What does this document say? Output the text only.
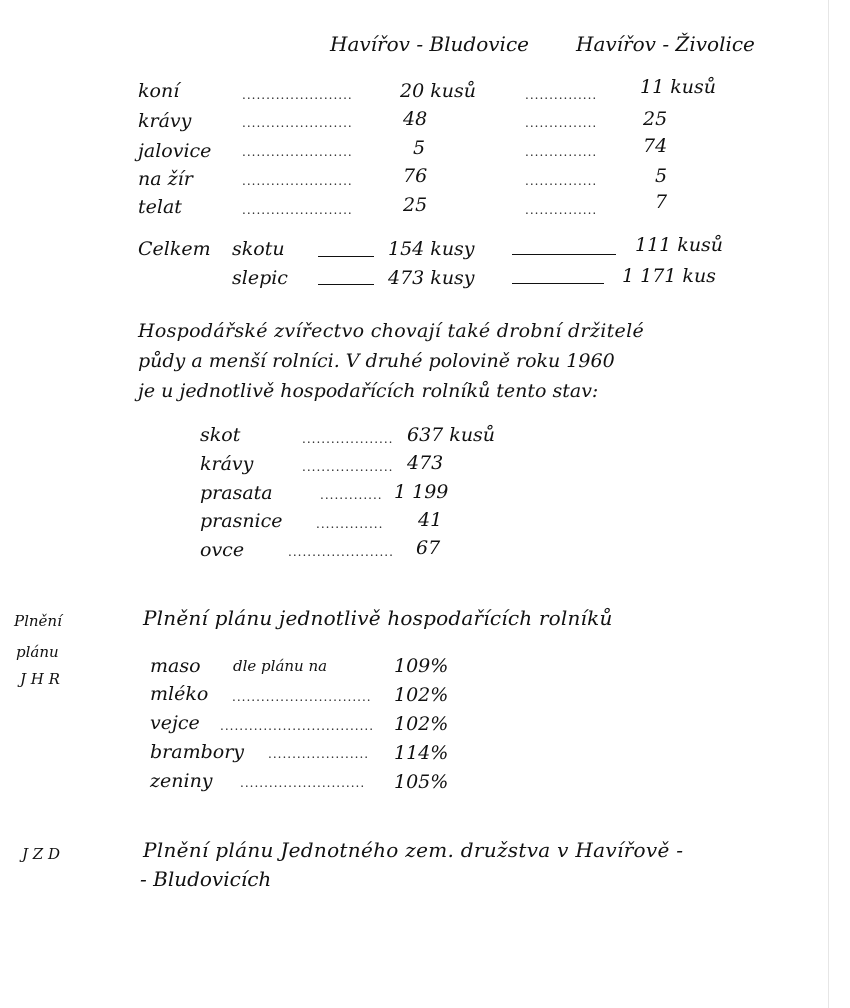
Havířov - Bludovice Havířov - Živolice
koní	....................... 20 kusů	............... 11 kusů
krávy	.......................	48	............... 25
jalovice	.......................	5	............... 74
na žír	.......................	76	...............	5
telat	.......................	25	...............	7
Celkem skotu	154 kusy	111 kusů
slepic	473 kusy	1 171 kus
Hospodářské zvířectvo chovají také drobní držitelé
půdy a menší rolníci. V druhé polovině roku 1960
je u jednotlivě hospodařících rolníků tento stav:
skot	................... 637 kusů
krávy	................... 473
prasata	............. 1 199
prasnice	.............. 41
ovce	...................... 67
Plnění
plánu
J H R
Plnění plánu jednotlivě hospodařících rolníků
maso dle plánu na	109%
mléko ............................. 102%
vejce ................................ 102%
brambory ..................... 114%
zeniny .......................... 105%
J Z D	Plnění plánu Jednotného zem. družstva v Havířově -
- Bludovicích
